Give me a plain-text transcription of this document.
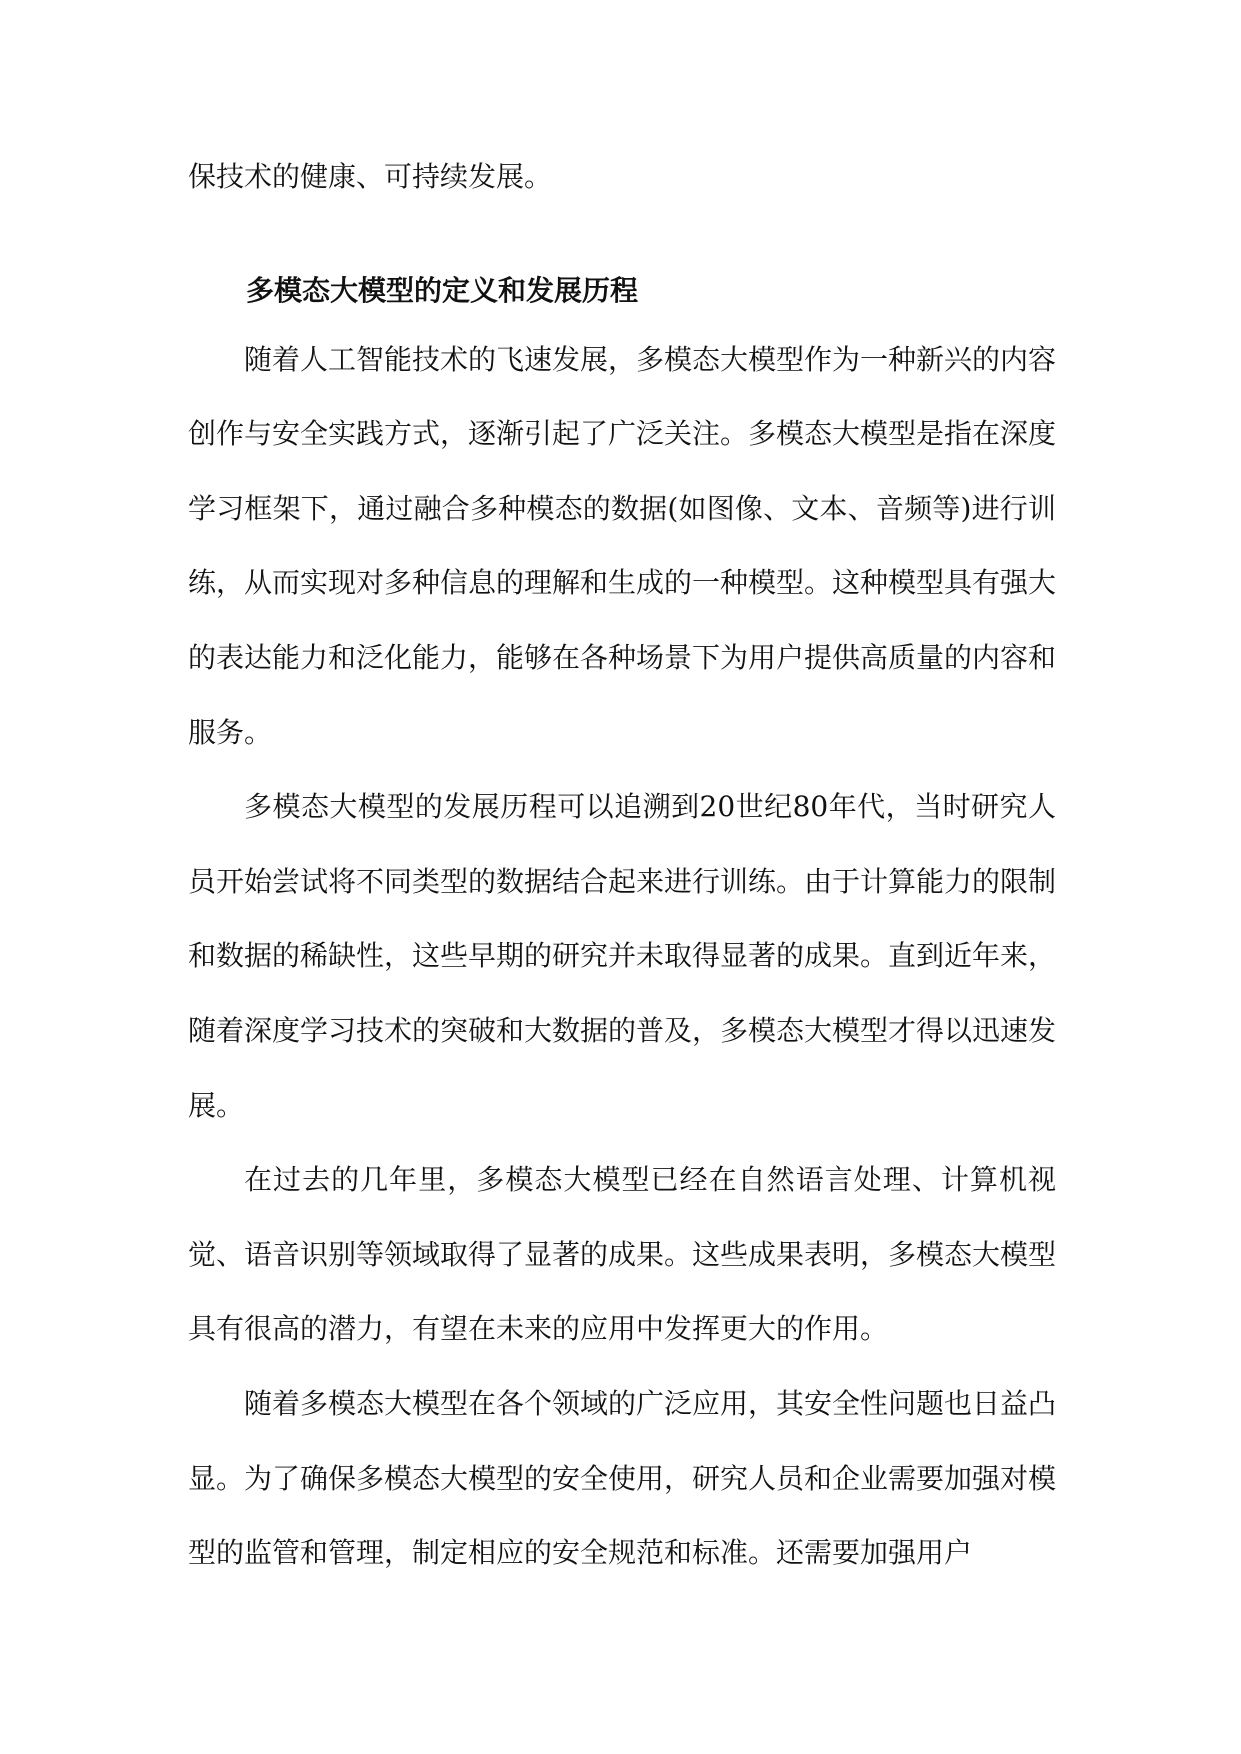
保技术的健康、可持续发展。

多模态大模型的定义和发展历程

随着人工智能技术的飞速发展，多模态大模型作为一种新兴的内容创作与安全实践方式，逐渐引起了广泛关注。多模态大模型是指在深度学习框架下，通过融合多种模态的数据(如图像、文本、音频等)进行训练，从而实现对多种信息的理解和生成的一种模型。这种模型具有强大的表达能力和泛化能力，能够在各种场景下为用户提供高质量的内容和服务。

多模态大模型的发展历程可以追溯到20世纪80年代，当时研究人员开始尝试将不同类型的数据结合起来进行训练。由于计算能力的限制和数据的稀缺性，这些早期的研究并未取得显著的成果。直到近年来，随着深度学习技术的突破和大数据的普及，多模态大模型才得以迅速发展。

在过去的几年里，多模态大模型已经在自然语言处理、计算机视觉、语音识别等领域取得了显著的成果。这些成果表明，多模态大模型具有很高的潜力，有望在未来的应用中发挥更大的作用。

随着多模态大模型在各个领域的广泛应用，其安全性问题也日益凸显。为了确保多模态大模型的安全使用，研究人员和企业需要加强对模型的监管和管理，制定相应的安全规范和标准。还需要加强用户
